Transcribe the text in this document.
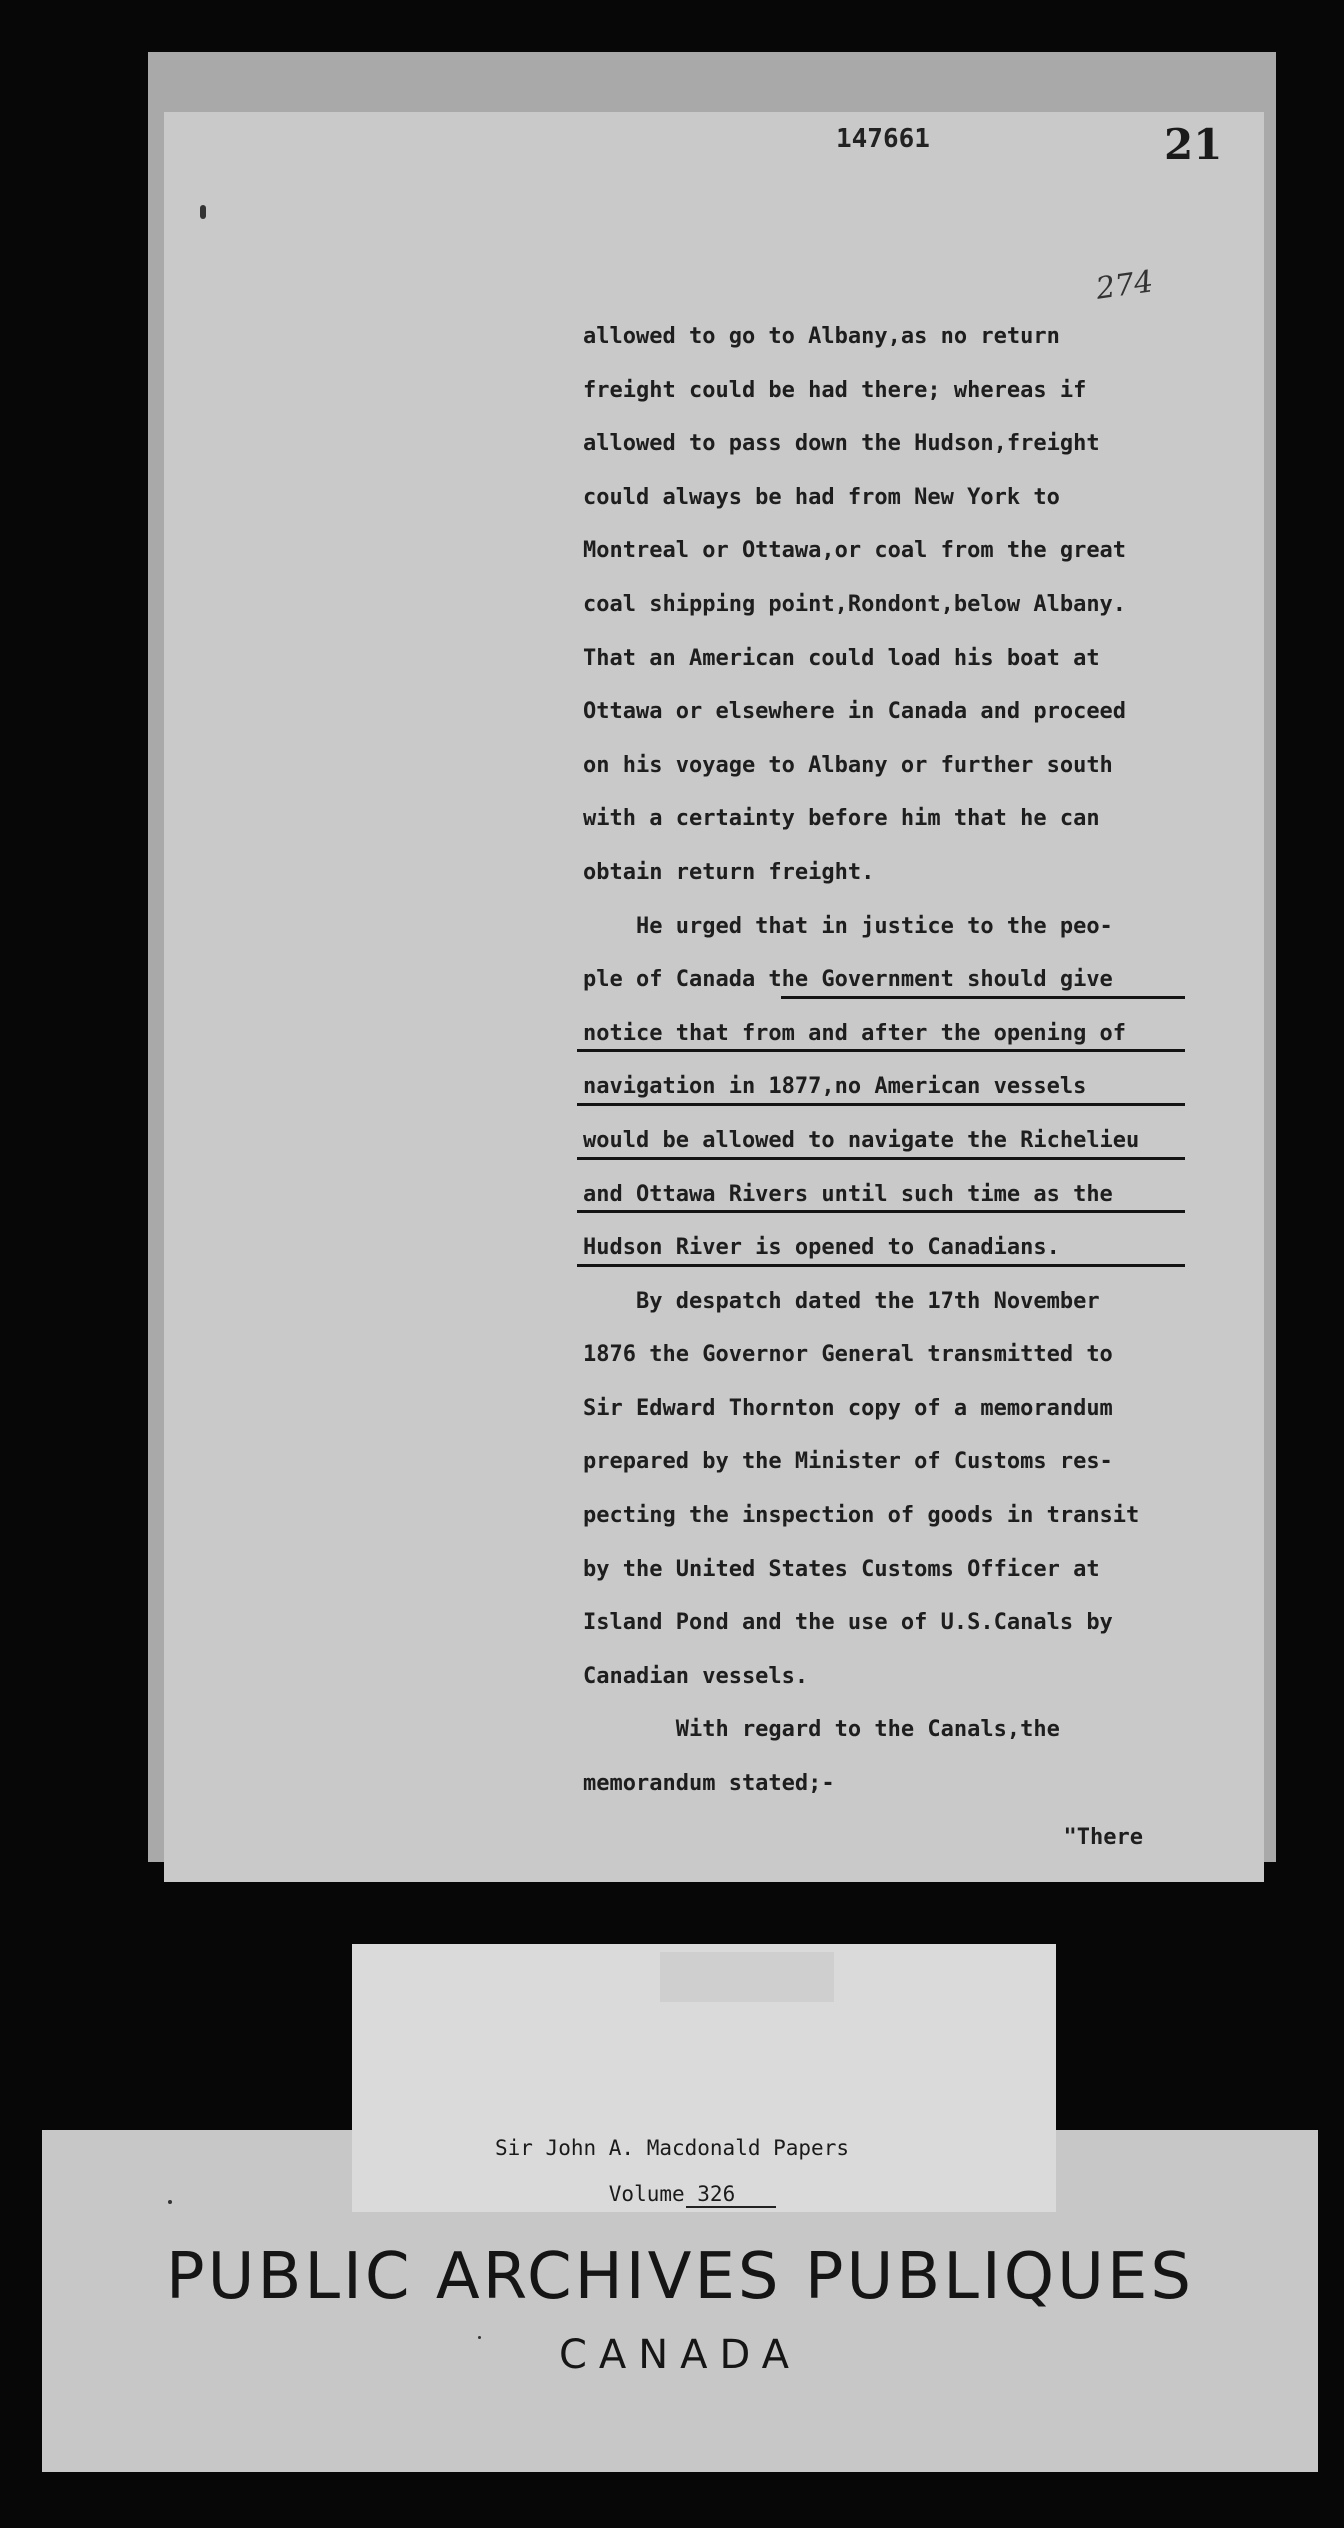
147661	21
274
allowed to go to Albany,as no return
freight could be had there; whereas if
allowed to pass down the Hudson,freight
could always be had from New York to
Montreal or Ottawa,or coal from the great
coal shipping point,Rondont,below Albany.
That an American could load his boat at
Ottawa or elsewhere in Canada and proceed
on his voyage to Albany or further south
with a certainty before him that he can
obtain return freight.
He urged that in justice to the peo-
ple of Canada the Government should give
notice that from and after the opening of
navigation in 1877,no American vessels
would be allowed to navigate the Richelieu
and Ottawa Rivers until such time as the
Hudson River is opened to Canadians.
By despatch dated the 17th November
1876 the Governor General transmitted to
Sir Edward Thornton copy of a memorandum
prepared by the Minister of Customs res-
pecting the inspection of goods in transit
by the United States Customs Officer at
Island Pond and the use of U.S.Canals by
Canadian vessels.
With regard to the Canals,the
memorandum stated;-
"There
Sir John A. Macdonald Papers
Volume 326
PUBLIC ARCHIVES PUBLIQUES
CANADA
